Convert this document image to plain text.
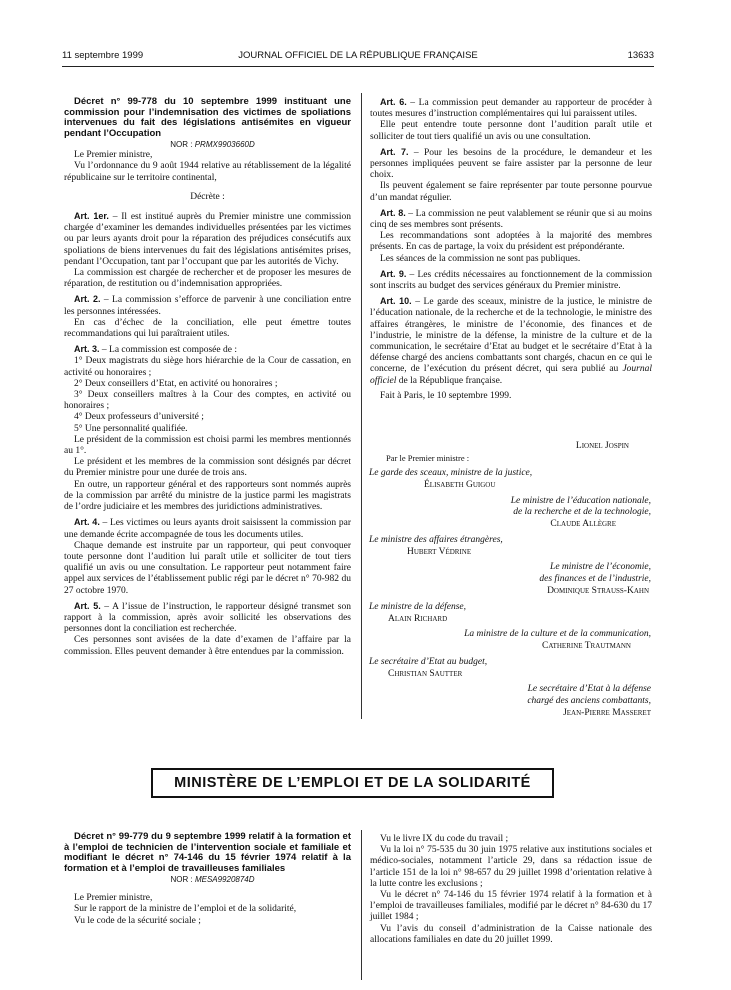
11 septembre 1999	JOURNAL OFFICIEL DE LA RÉPUBLIQUE FRANÇAISE	13633

Décret n° 99-778 du 10 septembre 1999 instituant une commission pour l’indemnisation des victimes de spoliations intervenues du fait des législations antisémites en vigueur pendant l’Occupation

NOR : PRMX9903660D

Le Premier ministre,

Vu l’ordonnance du 9 août 1944 relative au rétablissement de la légalité républicaine sur le territoire continental,

Décrète :

Art. 1er. – Il est institué auprès du Premier ministre une commission chargée d’examiner les demandes individuelles présentées par les victimes ou par leurs ayants droit pour la réparation des préjudices consécutifs aux spoliations de biens intervenues du fait des législations antisémites prises, pendant l’Occupation, tant par l’occupant que par les autorités de Vichy.

La commission est chargée de rechercher et de proposer les mesures de réparation, de restitution ou d’indemnisation appropriées.

Art. 2. – La commission s’efforce de parvenir à une conciliation entre les personnes intéressées.

En cas d’échec de la conciliation, elle peut émettre toutes recommandations qui lui paraîtraient utiles.

Art. 3. – La commission est composée de :

1° Deux magistrats du siège hors hiérarchie de la Cour de cassation, en activité ou honoraires ;

2° Deux conseillers d’Etat, en activité ou honoraires ;

3° Deux conseillers maîtres à la Cour des comptes, en activité ou honoraires ;

4° Deux professeurs d’université ;

5° Une personnalité qualifiée.

Le président de la commission est choisi parmi les membres mentionnés au 1°.

Le président et les membres de la commission sont désignés par décret du Premier ministre pour une durée de trois ans.

En outre, un rapporteur général et des rapporteurs sont nommés auprès de la commission par arrêté du ministre de la justice parmi les magistrats de l’ordre judiciaire et les membres des juridictions administratives.

Art. 4. – Les victimes ou leurs ayants droit saisissent la commission par une demande écrite accompagnée de tous les documents utiles.

Chaque demande est instruite par un rapporteur, qui peut convoquer toute personne dont l’audition lui paraît utile et solliciter de tout tiers qualifié un avis ou une consultation. Le rapporteur peut notamment faire appel aux services de l’établissement public régi par le décret n° 70-982 du 27 octobre 1970.

Art. 5. – A l’issue de l’instruction, le rapporteur désigné transmet son rapport à la commission, après avoir sollicité les observations des personnes dont la conciliation est recherchée.

Ces personnes sont avisées de la date d’examen de l’affaire par la commission. Elles peuvent demander à être entendues par la commission.

Art. 6. – La commission peut demander au rapporteur de procéder à toutes mesures d’instruction complémentaires qui lui paraissent utiles.

Elle peut entendre toute personne dont l’audition paraît utile et solliciter de tout tiers qualifié un avis ou une consultation.

Art. 7. – Pour les besoins de la procédure, le demandeur et les personnes impliquées peuvent se faire assister par la personne de leur choix.

Ils peuvent également se faire représenter par toute personne pourvue d’un mandat régulier.

Art. 8. – La commission ne peut valablement se réunir que si au moins cinq de ses membres sont présents.

Les recommandations sont adoptées à la majorité des membres présents. En cas de partage, la voix du président est prépondérante.

Les séances de la commission ne sont pas publiques.

Art. 9. – Les crédits nécessaires au fonctionnement de la commission sont inscrits au budget des services généraux du Premier ministre.

Art. 10. – Le garde des sceaux, ministre de la justice, le ministre de l’éducation nationale, de la recherche et de la technologie, le ministre des affaires étrangères, le ministre de l’économie, des finances et de l’industrie, le ministre de la défense, la ministre de la culture et de la communication, le secrétaire d’Etat au budget et le secrétaire d’Etat à la défense chargé des anciens combattants sont chargés, chacun en ce qui le concerne, de l’exécution du présent décret, qui sera publié au Journal officiel de la République française.

Fait à Paris, le 10 septembre 1999.

Lionel Jospin
Par le Premier ministre :
Le garde des sceaux, ministre de la justice,
Élisabeth Guigou
Le ministre de l’éducation nationale,
de la recherche et de la technologie,
Claude Allègre
Le ministre des affaires étrangères,
Hubert Védrine
Le ministre de l’économie,
des finances et de l’industrie,
Dominique Strauss-Kahn
Le ministre de la défense,
Alain Richard
La ministre de la culture et de la communication,
Catherine Trautmann
Le secrétaire d’Etat au budget,
Christian Sautter
Le secrétaire d’Etat à la défense
chargé des anciens combattants,
Jean-Pierre Masseret
MINISTÈRE DE L’EMPLOI ET DE LA SOLIDARITÉ

Décret n° 99-779 du 9 septembre 1999 relatif à la formation et à l’emploi de technicien de l’intervention sociale et familiale et modifiant le décret n° 74-146 du 15 février 1974 relatif à la formation et à l’emploi de travailleuses familiales

NOR : MESA9920874D

Le Premier ministre,

Sur le rapport de la ministre de l’emploi et de la solidarité,

Vu le code de la sécurité sociale ;

Vu le livre IX du code du travail ;

Vu la loi n° 75-535 du 30 juin 1975 relative aux institutions sociales et médico-sociales, notamment l’article 29, dans sa rédaction issue de l’article 151 de la loi n° 98-657 du 29 juillet 1998 d’orientation relative à la lutte contre les exclusions ;

Vu le décret n° 74-146 du 15 février 1974 relatif à la formation et à l’emploi de travailleuses familiales, modifié par le décret n° 84-630 du 17 juillet 1984 ;

Vu l’avis du conseil d’administration de la Caisse nationale des allocations familiales en date du 20 juillet 1999.
